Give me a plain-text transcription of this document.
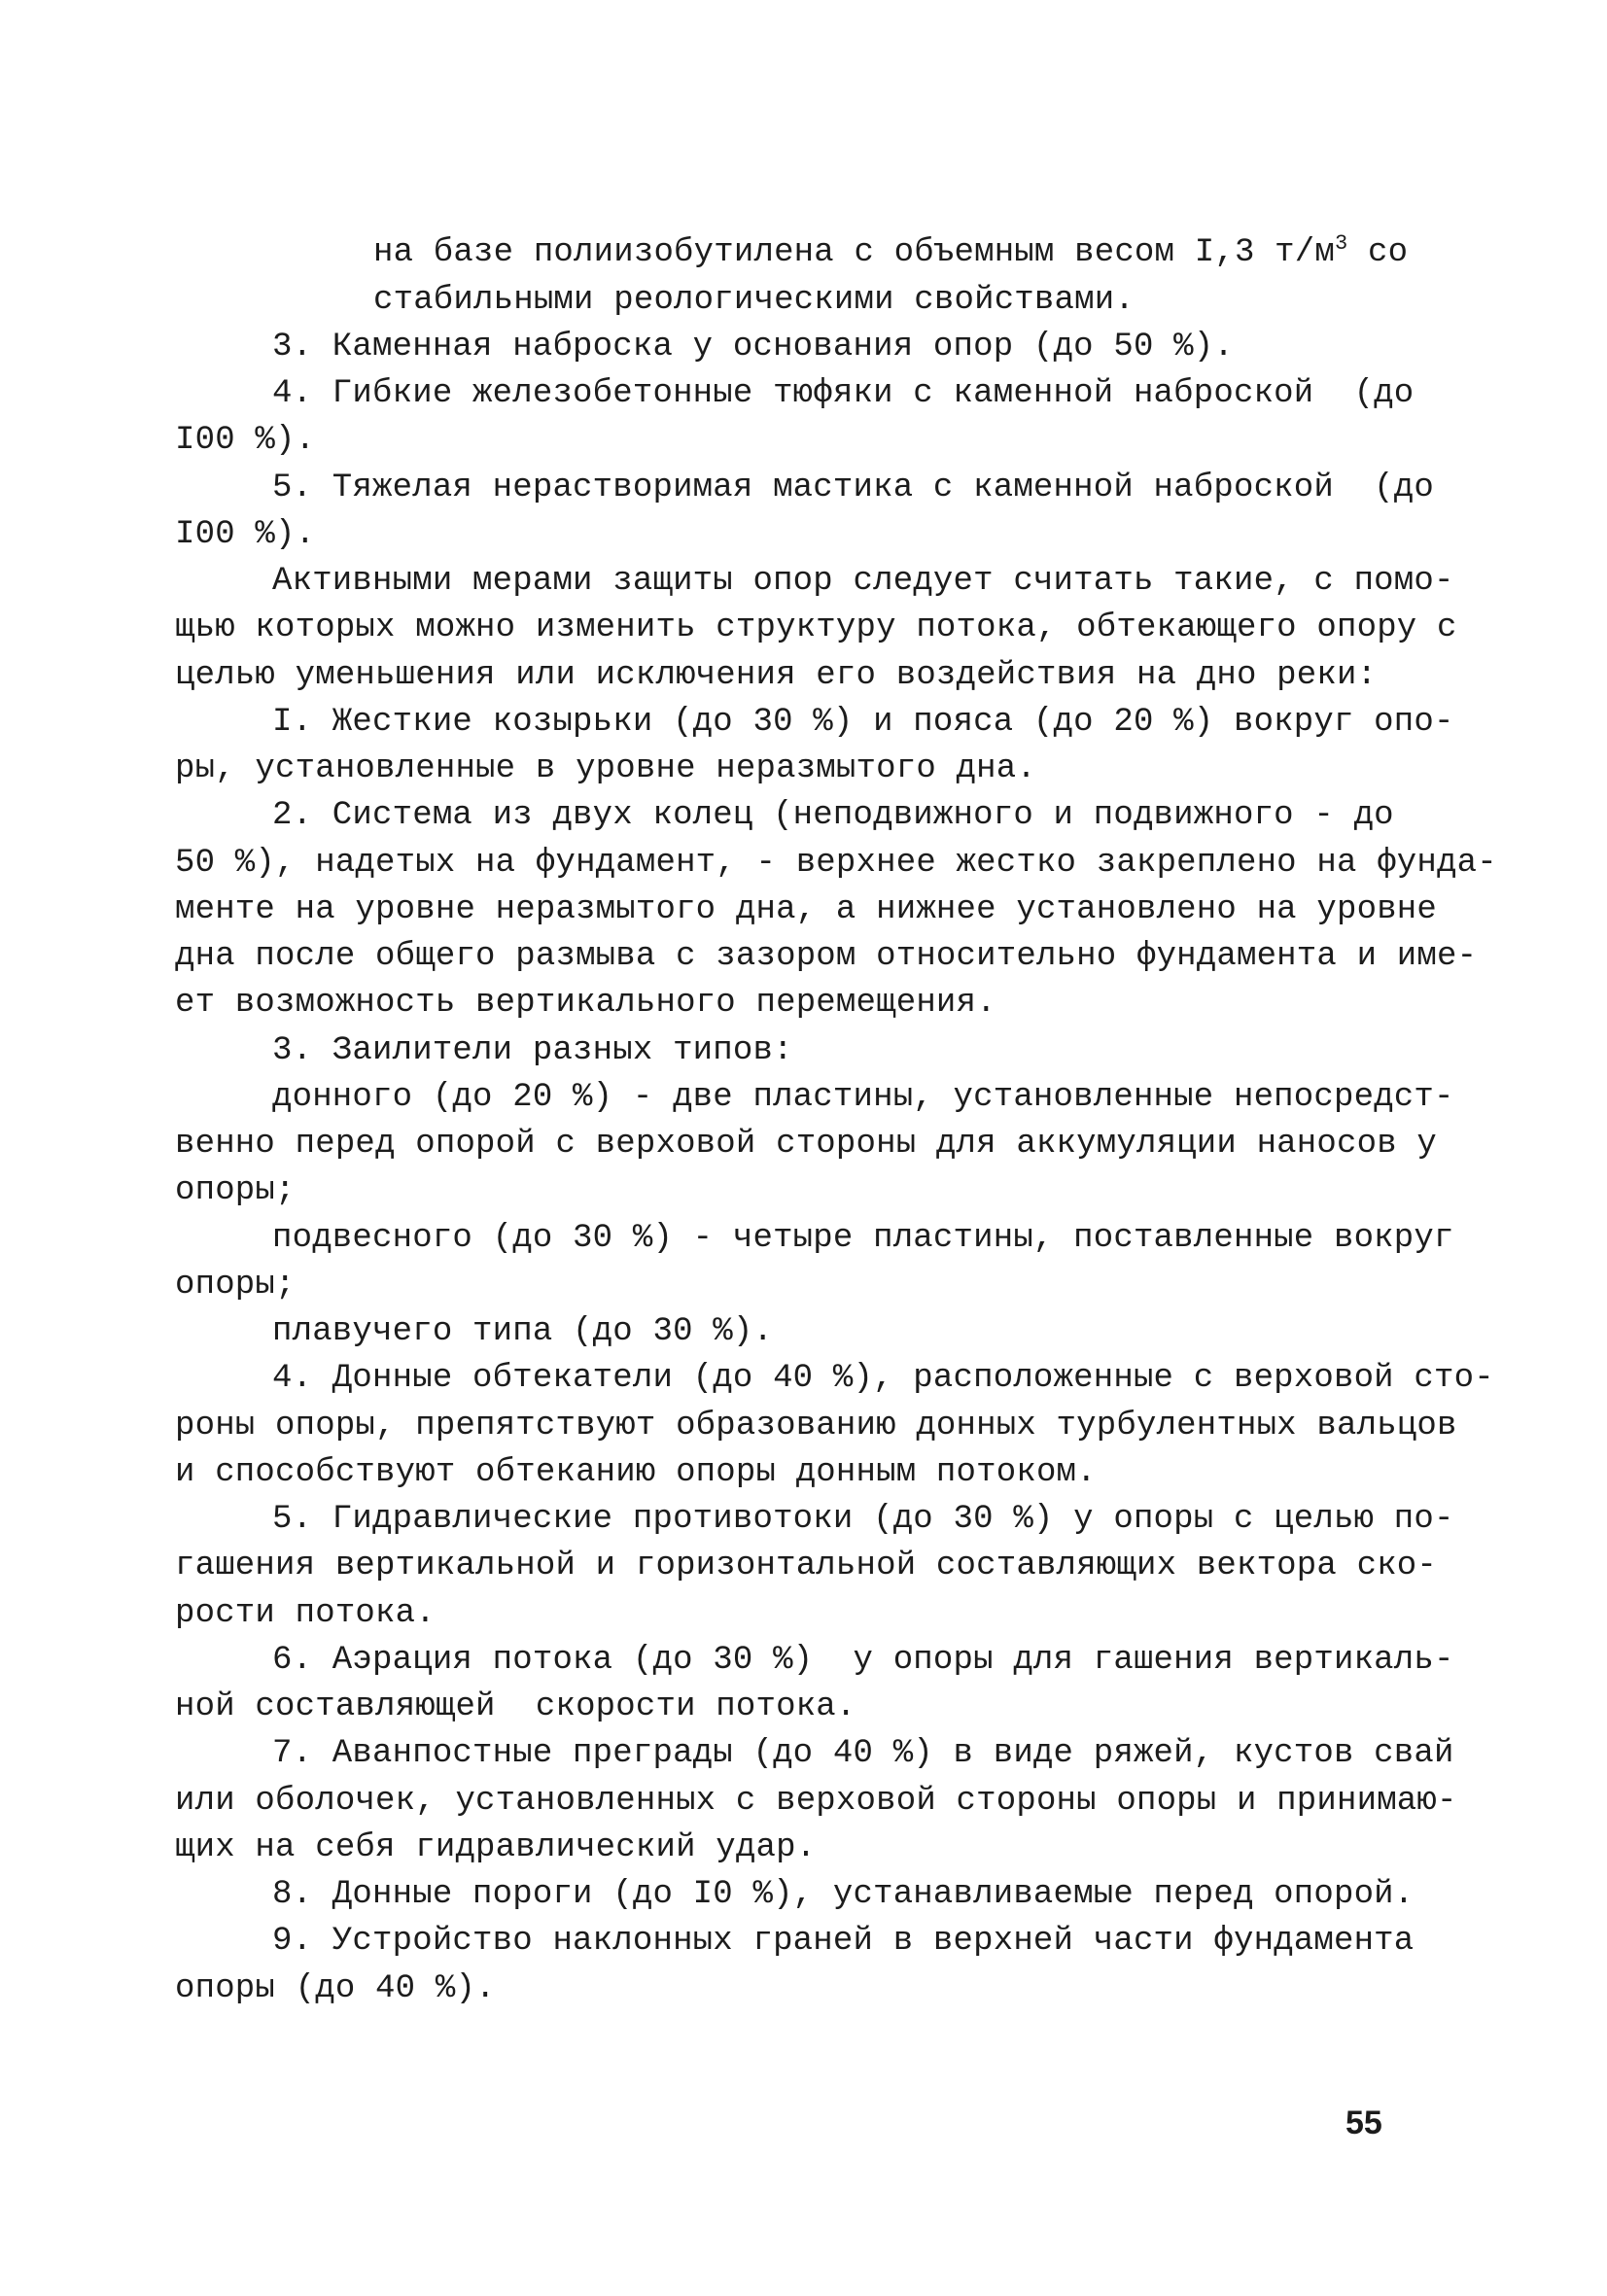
на базе полиизобутилена с объемным весом I,3 $т/м^3$ со
стабильными реологическими свойствами.
3. Каменная наброска у основания опор (до 50 %).
4. Гибкие железобетонные тюфяки с каменной наброской  (до
I00 %).
5. Тяжелая нерастворимая мастика с каменной наброской  (до
I00 %).
Активными мерами защиты опор следует считать такие, с помо-
щью которых можно изменить структуру потока, обтекающего опору с
целью уменьшения или исключения его воздействия на дно реки:
I. Жесткие козырьки (до 30 %) и пояса (до 20 %) вокруг опо-
ры, установленные в уровне неразмытого дна.
2. Система из двух колец (неподвижного и подвижного - до
50 %), надетых на фундамент, - верхнее жестко закреплено на фунда-
менте на уровне неразмытого дна, а нижнее установлено на уровне
дна после общего размыва с зазором относительно фундамента и име-
ет возможность вертикального перемещения.
3. Заилители разных типов:
донного (до 20 %) - две пластины, установленные непосредст-
венно перед опорой с верховой стороны для аккумуляции наносов у
опоры;
подвесного (до 30 %) - четыре пластины, поставленные вокруг
опоры;
плавучего типа (до 30 %).
4. Донные обтекатели (до 40 %), расположенные с верховой сто-
роны опоры, препятствуют образованию донных турбулентных вальцов
и способствуют обтеканию опоры донным потоком.
5. Гидравлические противотоки (до 30 %) у опоры с целью по-
гашения вертикальной и горизонтальной составляющих вектора ско-
рости потока.
6. Аэрация потока (до 30 %)  у опоры для гашения вертикаль-
ной составляющей  скорости потока.
7. Аванпостные преграды (до 40 %) в виде ряжей, кустов свай
или оболочек, установленных с верховой стороны опоры и принимаю-
щих на себя гидравлический удар.
8. Донные пороги (до I0 %), устанавливаемые перед опорой.
9. Устройство наклонных граней в верхней части фундамента
опоры (до 40 %).
55
